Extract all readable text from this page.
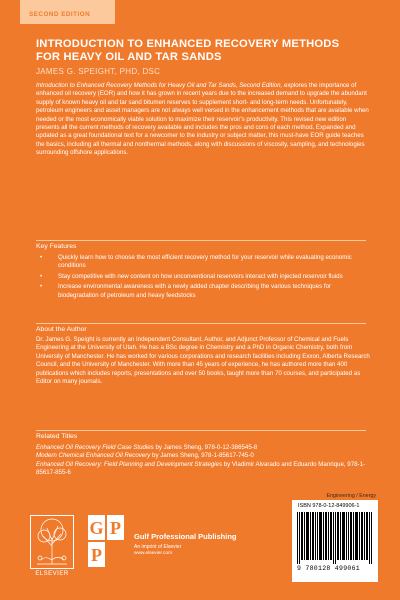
SECOND EDITION
INTRODUCTION TO ENHANCED RECOVERY METHODS FOR HEAVY OIL AND TAR SANDS
JAMES G. SPEIGHT, PHD, DSC
Introduction to Enhanced Recovery Methods for Heavy Oil and Tar Sands, Second Edition, explores the importance of enhanced oil recovery (EOR) and how it has grown in recent years due to the increased demand to upgrade the abundant supply of known heavy oil and tar sand bitumen reserves to supplement short- and long-term needs. Unfortunately, petroleum engineers and asset managers are not always well versed in the enhancement methods that are available when needed or the most economically viable solution to maximize their reservoir's productivity. This revised new edition presents all the current methods of recovery available and includes the pros and cons of each method. Expanded and updated as a great foundational text for a newcomer to the industry or subject matter, this must-have EOR guide teaches the basics, including all thermal and nonthermal methods, along with discussions of viscosity, sampling, and technologies surrounding offshore applications.
Key Features
• Quickly learn how to choose the most efficient recovery method for your reservoir while evaluating economic conditions
• Stay competitive with new content on how unconventional reservoirs interact with injected reservoir fluids
• Increase environmental awareness with a newly added chapter describing the various techniques for biodegradation of petroleum and heavy feedstocks
About the Author
Dr. James G. Speight is currently an Independent Consultant, Author, and Adjunct Professor of Chemical and Fuels Engineering at the University of Utah. He has a BSc degree in Chemistry and a PhD in Organic Chemistry, both from University of Manchester. He has worked for various corporations and research facilities including Exxon, Alberta Research Council, and the University of Manchester. With more than 45 years of experience, he has authored more than 400 publications which includes reports, presentations and over 50 books, taught more than 70 courses, and participated as Editor on many journals.
Related Titles
Enhanced Oil Recovery Field Case Studies by James Sheng, 978-0-12-386545-8
Modern Chemical Enhanced Oil Recovery by James Sheng, 978-1-85617-745-0
Enhanced Oil Recovery: Field Planning and Development Strategies by Vladimir Alvarado and Eduardo Manrique, 978-1-85617-855-6
ELSEVIER
G P
P
Gulf Professional Publishing
An imprint of Elsevier
www.elsevier.com
Engineering / Energy
ISBN 978-0-12-849906-1
9 780128 499061
